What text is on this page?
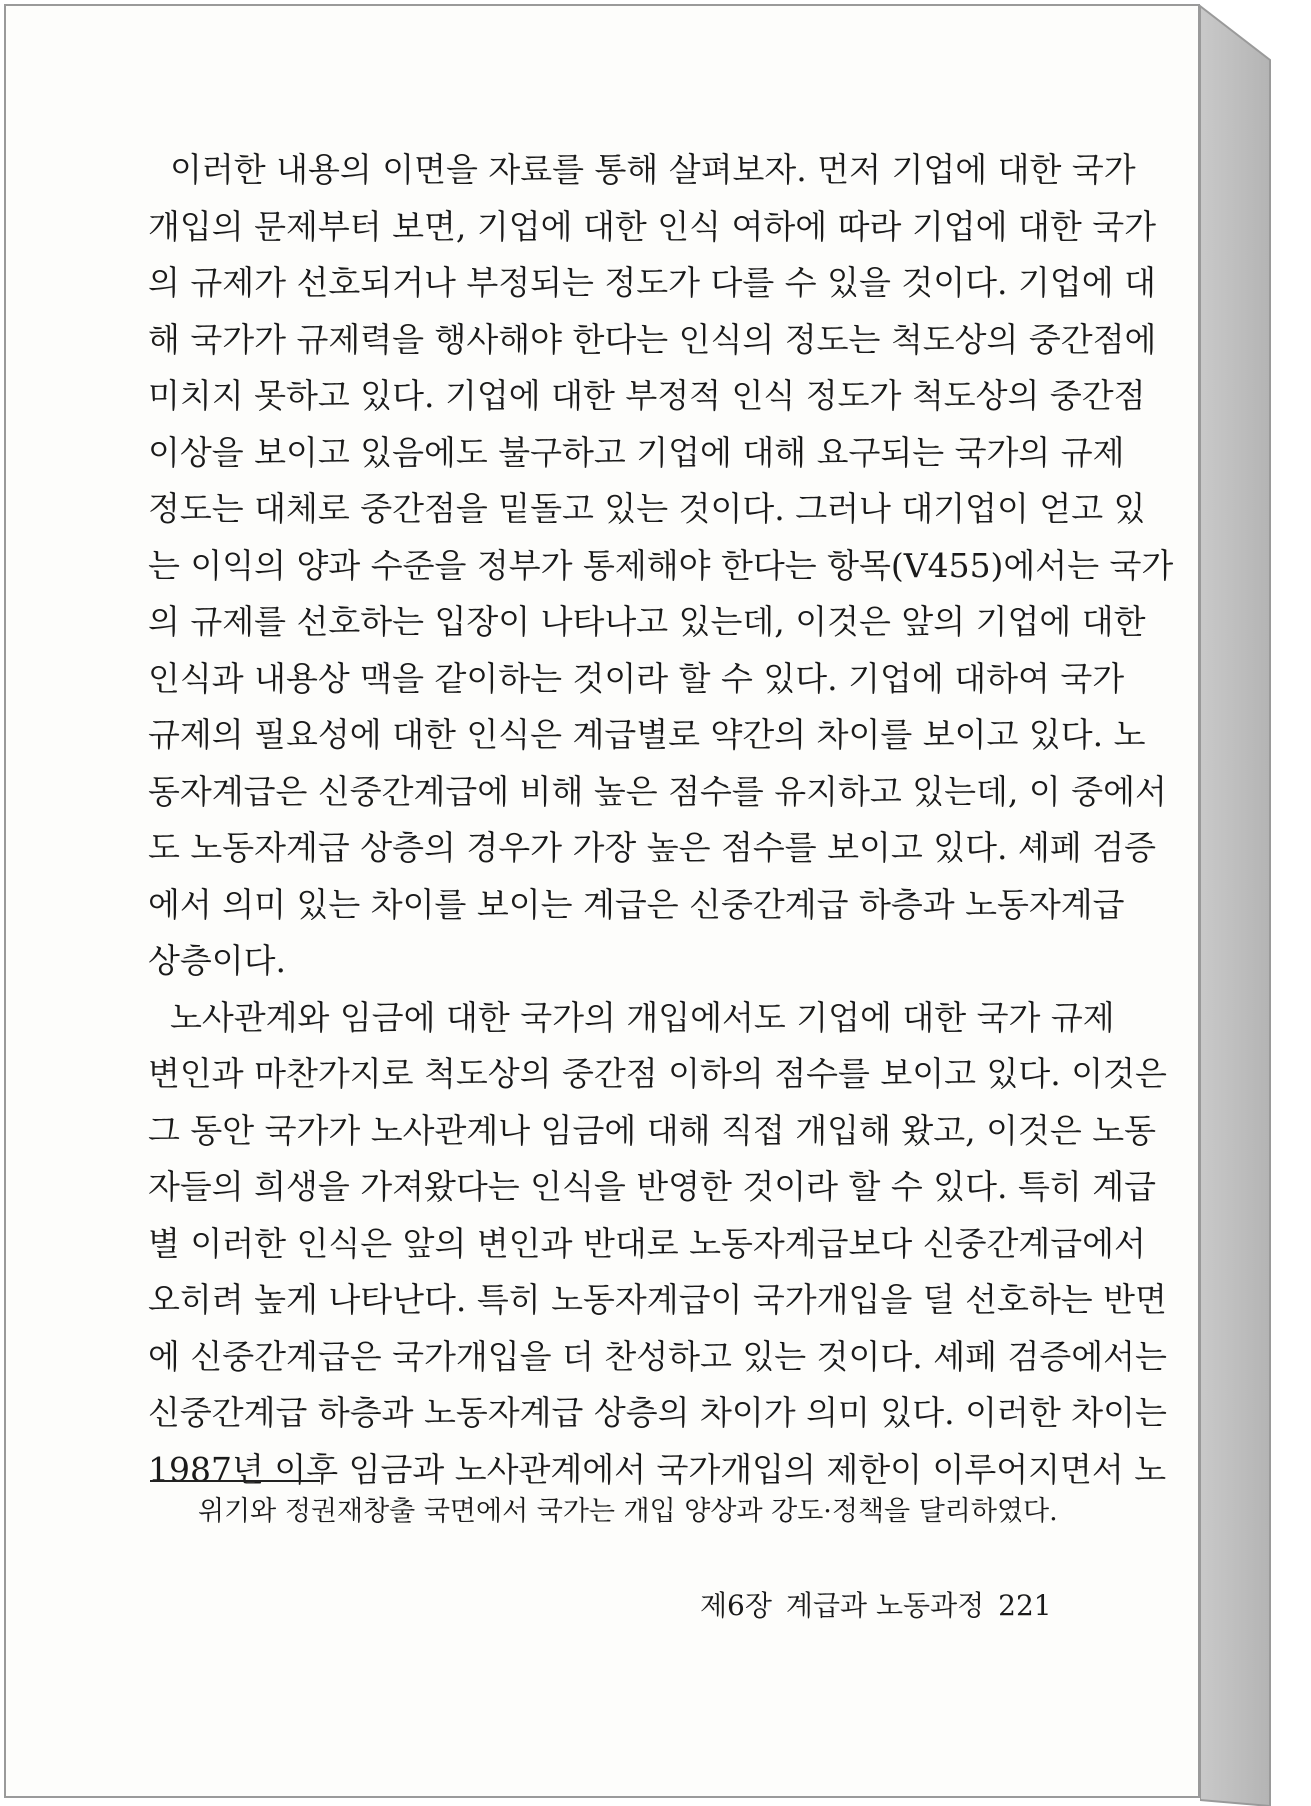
이러한 내용의 이면을 자료를 통해 살펴보자. 먼저 기업에 대한 국가
개입의 문제부터 보면, 기업에 대한 인식 여하에 따라 기업에 대한 국가
의 규제가 선호되거나 부정되는 정도가 다를 수 있을 것이다. 기업에 대
해 국가가 규제력을 행사해야 한다는 인식의 정도는 척도상의 중간점에
미치지 못하고 있다. 기업에 대한 부정적 인식 정도가 척도상의 중간점
이상을 보이고 있음에도 불구하고 기업에 대해 요구되는 국가의 규제
정도는 대체로 중간점을 밑돌고 있는 것이다. 그러나 대기업이 얻고 있
는 이익의 양과 수준을 정부가 통제해야 한다는 항목(V455)에서는 국가
의 규제를 선호하는 입장이 나타나고 있는데, 이것은 앞의 기업에 대한
인식과 내용상 맥을 같이하는 것이라 할 수 있다. 기업에 대하여 국가
규제의 필요성에 대한 인식은 계급별로 약간의 차이를 보이고 있다. 노
동자계급은 신중간계급에 비해 높은 점수를 유지하고 있는데, 이 중에서
도 노동자계급 상층의 경우가 가장 높은 점수를 보이고 있다. 셰페 검증
에서 의미 있는 차이를 보이는 계급은 신중간계급 하층과 노동자계급
상층이다.
노사관계와 임금에 대한 국가의 개입에서도 기업에 대한 국가 규제
변인과 마찬가지로 척도상의 중간점 이하의 점수를 보이고 있다. 이것은
그 동안 국가가 노사관계나 임금에 대해 직접 개입해 왔고, 이것은 노동
자들의 희생을 가져왔다는 인식을 반영한 것이라 할 수 있다. 특히 계급
별 이러한 인식은 앞의 변인과 반대로 노동자계급보다 신중간계급에서
오히려 높게 나타난다. 특히 노동자계급이 국가개입을 덜 선호하는 반면
에 신중간계급은 국가개입을 더 찬성하고 있는 것이다. 셰페 검증에서는
신중간계급 하층과 노동자계급 상층의 차이가 의미 있다. 이러한 차이는
1987년 이후 임금과 노사관계에서 국가개입의 제한이 이루어지면서 노
위기와 정권재창출 국면에서 국가는 개입 양상과 강도·정책을 달리하였다.
제6장 계급과 노동과정 221
